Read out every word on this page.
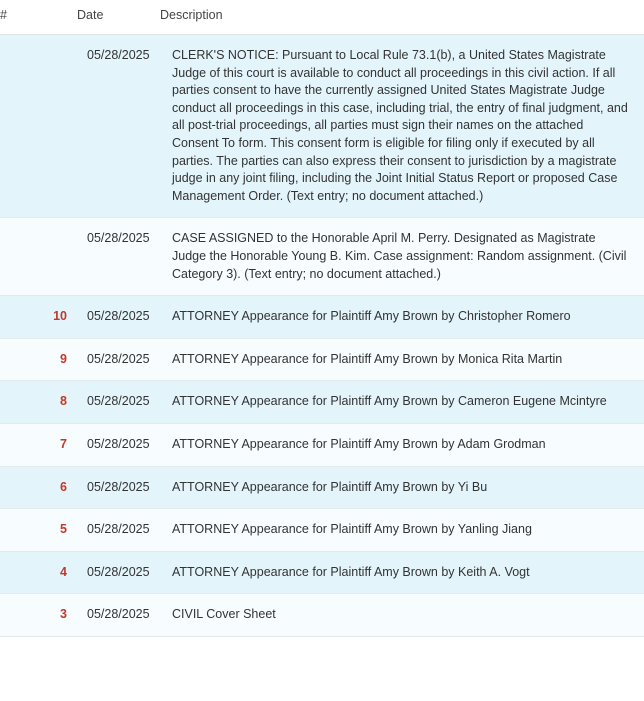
#	Date	Description
	05/28/2025	CLERK'S NOTICE: Pursuant to Local Rule 73.1(b), a United States Magistrate Judge of this court is available to conduct all proceedings in this civil action. If all parties consent to have the currently assigned United States Magistrate Judge conduct all proceedings in this case, including trial, the entry of final judgment, and all post-trial proceedings, all parties must sign their names on the attached Consent To form. This consent form is eligible for filing only if executed by all parties. The parties can also express their consent to jurisdiction by a magistrate judge in any joint filing, including the Joint Initial Status Report or proposed Case Management Order. (Text entry; no document attached.)
	05/28/2025	CASE ASSIGNED to the Honorable April M. Perry. Designated as Magistrate Judge the Honorable Young B. Kim. Case assignment: Random assignment. (Civil Category 3). (Text entry; no document attached.)
10	05/28/2025	ATTORNEY Appearance for Plaintiff Amy Brown by Christopher Romero
9	05/28/2025	ATTORNEY Appearance for Plaintiff Amy Brown by Monica Rita Martin
8	05/28/2025	ATTORNEY Appearance for Plaintiff Amy Brown by Cameron Eugene Mcintyre
7	05/28/2025	ATTORNEY Appearance for Plaintiff Amy Brown by Adam Grodman
6	05/28/2025	ATTORNEY Appearance for Plaintiff Amy Brown by Yi Bu
5	05/28/2025	ATTORNEY Appearance for Plaintiff Amy Brown by Yanling Jiang
4	05/28/2025	ATTORNEY Appearance for Plaintiff Amy Brown by Keith A. Vogt
3	05/28/2025	CIVIL Cover Sheet
